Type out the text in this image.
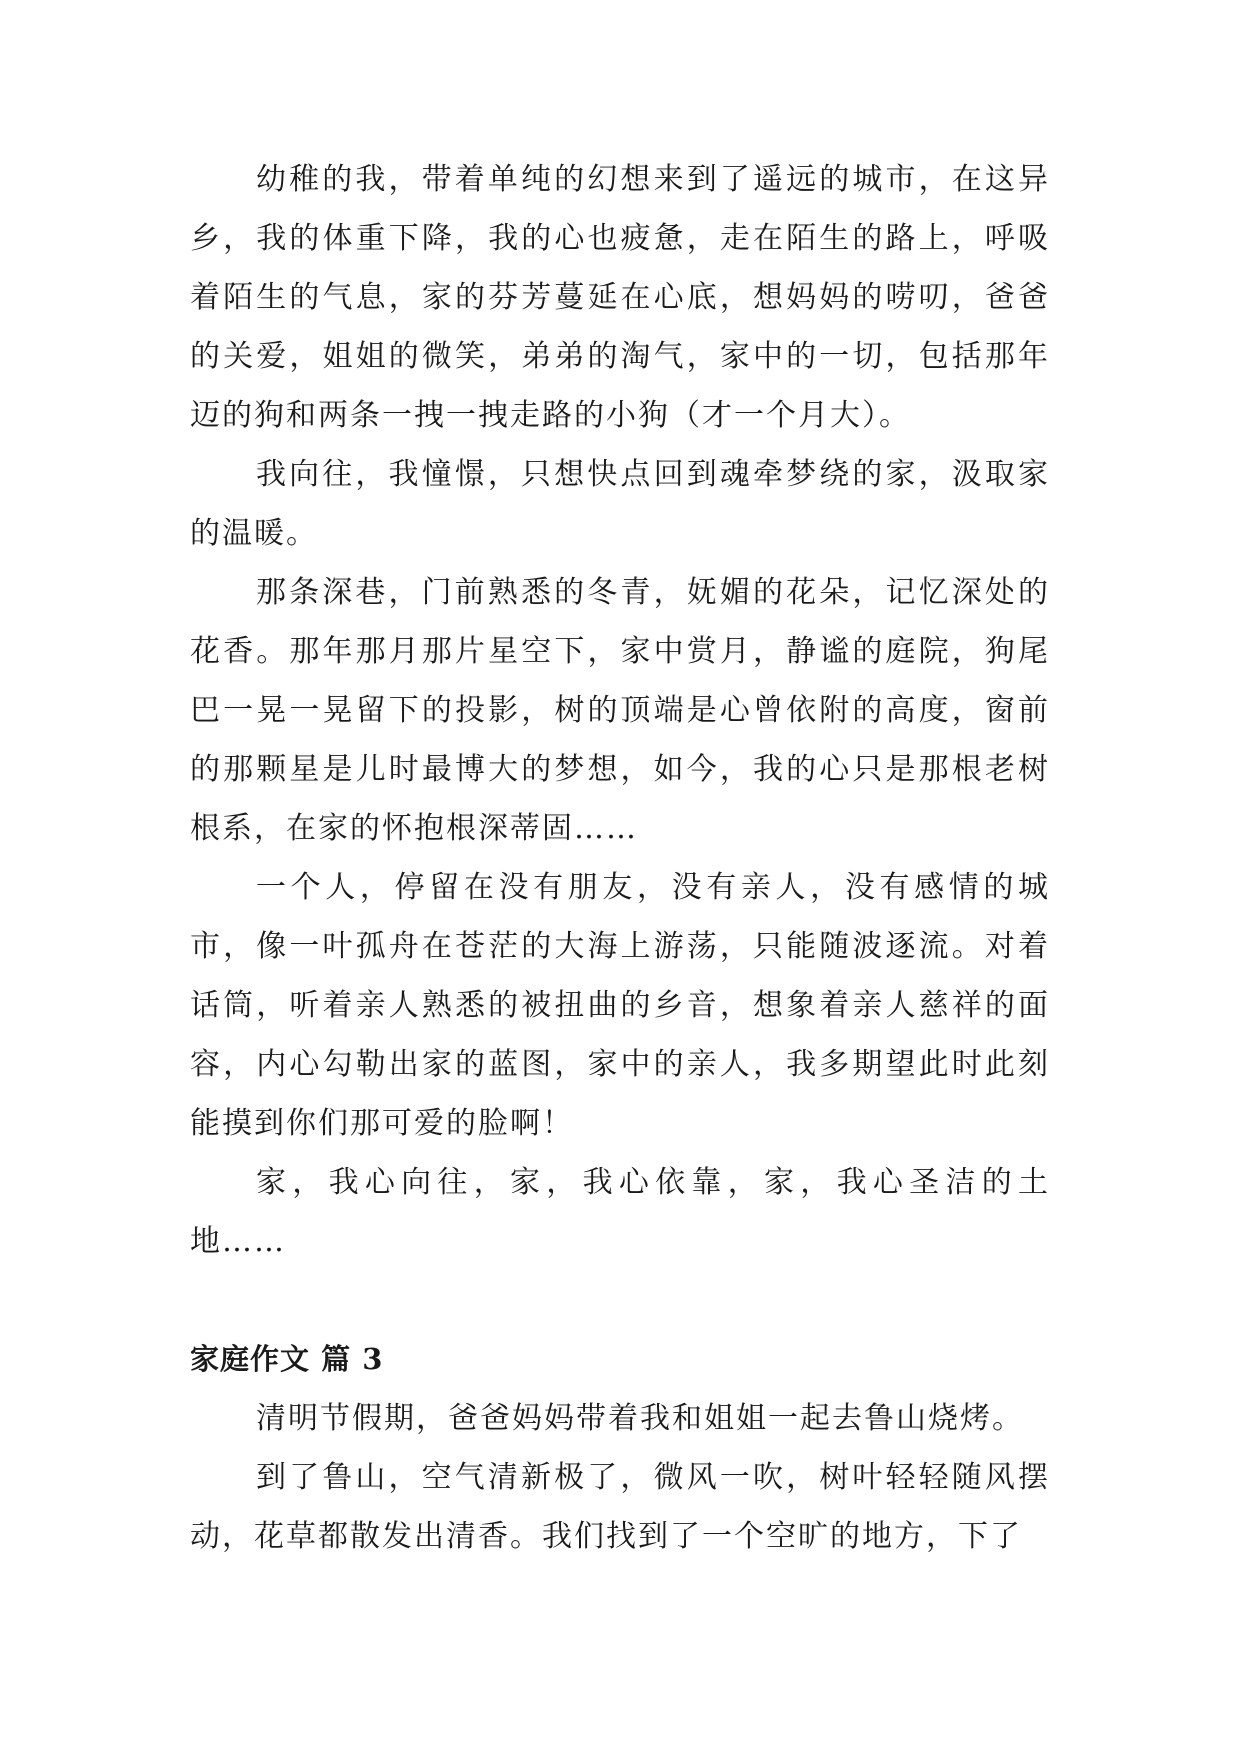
幼稚的我，带着单纯的幻想来到了遥远的城市，在这异乡，我的体重下降，我的心也疲惫，走在陌生的路上，呼吸着陌生的气息，家的芬芳蔓延在心底，想妈妈的唠叨，爸爸的关爱，姐姐的微笑，弟弟的淘气，家中的一切，包括那年迈的狗和两条一拽一拽走路的小狗（才一个月大）。

我向往，我憧憬，只想快点回到魂牵梦绕的家，汲取家的温暖。

那条深巷，门前熟悉的冬青，妩媚的花朵，记忆深处的花香。那年那月那片星空下，家中赏月，静谧的庭院，狗尾巴一晃一晃留下的投影，树的顶端是心曾依附的高度，窗前的那颗星是儿时最博大的梦想，如今，我的心只是那根老树根系，在家的怀抱根深蒂固……

一个人，停留在没有朋友，没有亲人，没有感情的城市，像一叶孤舟在苍茫的大海上游荡，只能随波逐流。对着话筒，听着亲人熟悉的被扭曲的乡音，想象着亲人慈祥的面容，内心勾勒出家的蓝图，家中的亲人，我多期望此时此刻能摸到你们那可爱的脸啊！

家，我心向往，家，我心依靠，家，我心圣洁的土地……

家庭作文 篇 3

清明节假期，爸爸妈妈带着我和姐姐一起去鲁山烧烤。

到了鲁山，空气清新极了，微风一吹，树叶轻轻随风摆动，花草都散发出清香。我们找到了一个空旷的地方，下了
